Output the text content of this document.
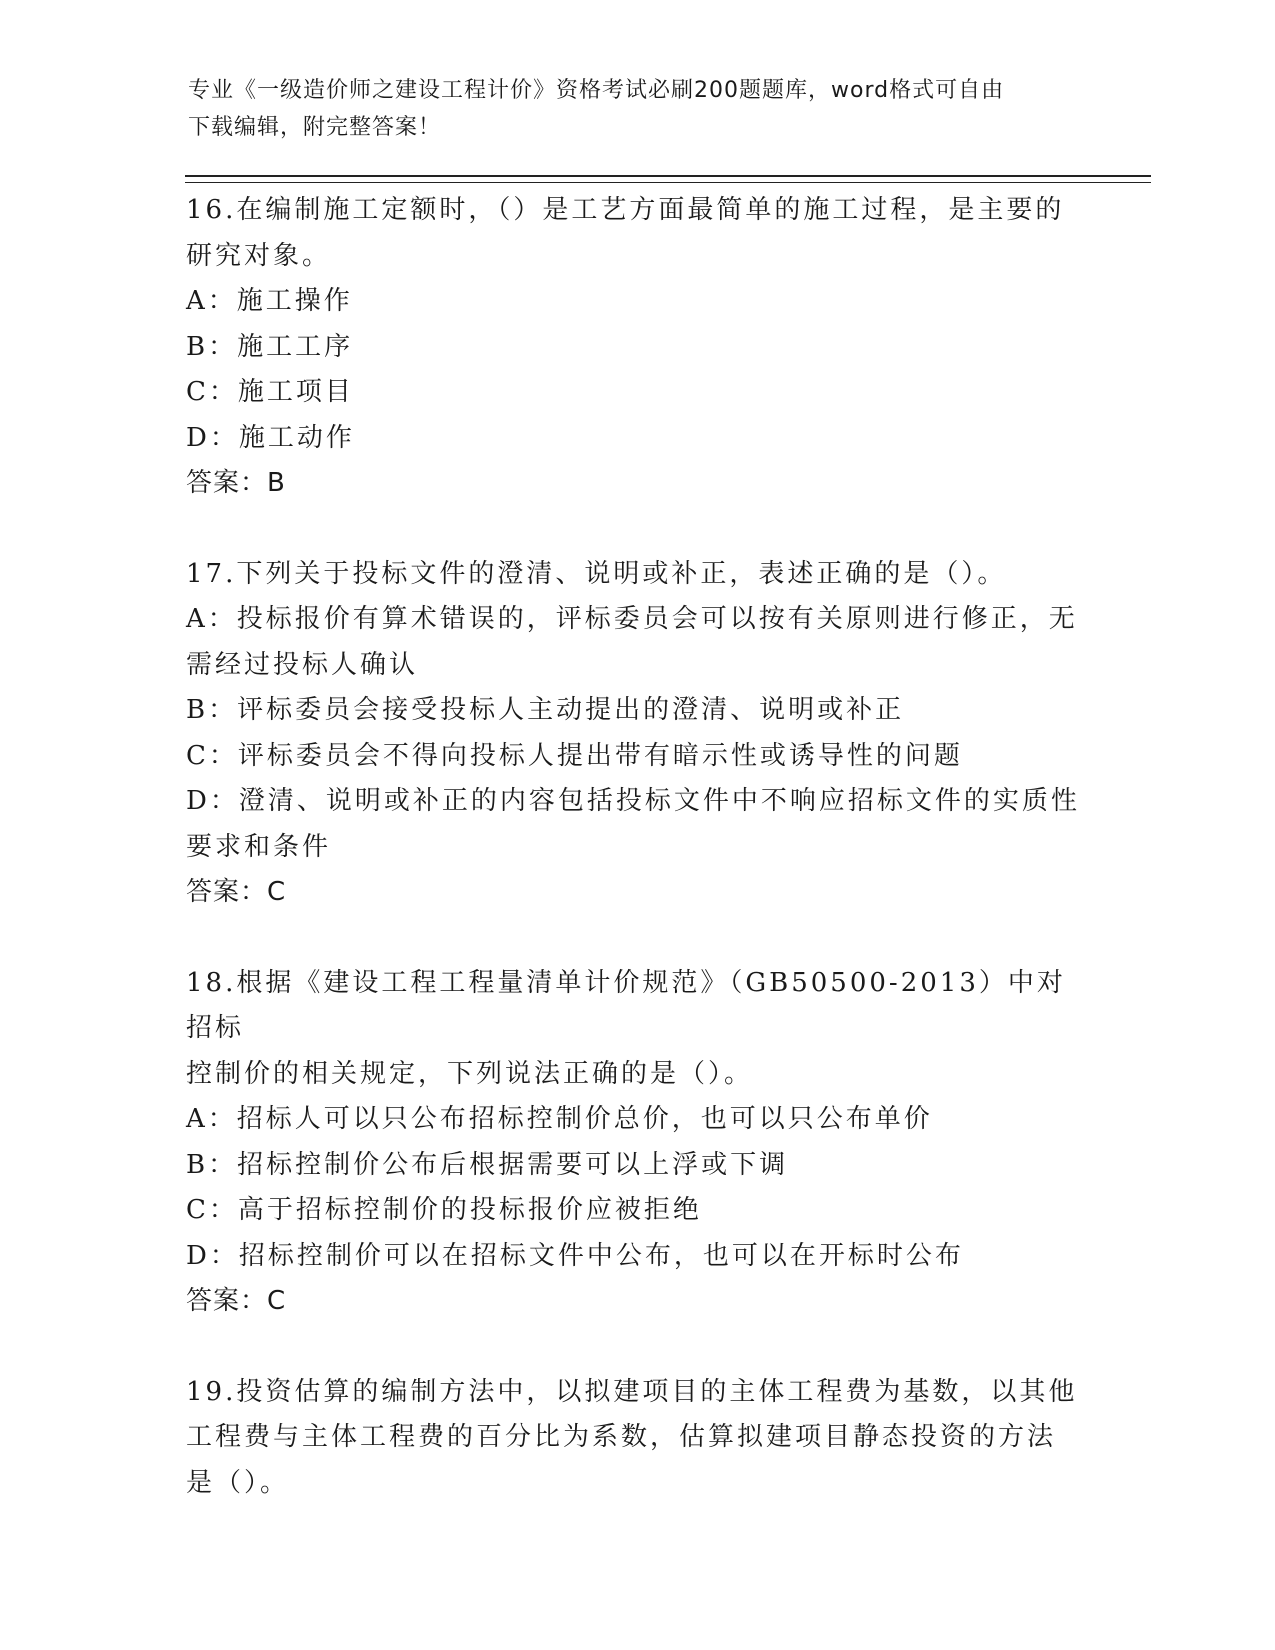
专业《一级造价师之建设工程计价》资格考试必刷200题题库，word格式可自由
下载编辑，附完整答案！
16.在编制施工定额时，（）是工艺方面最简单的施工过程，是主要的
研究对象。
A：施工操作
B：施工工序
C：施工项目
D：施工动作
答案：B
17.下列关于投标文件的澄清、说明或补正，表述正确的是（）。
A：投标报价有算术错误的，评标委员会可以按有关原则进行修正，无
需经过投标人确认
B：评标委员会接受投标人主动提出的澄清、说明或补正
C：评标委员会不得向投标人提出带有暗示性或诱导性的问题
D：澄清、说明或补正的内容包括投标文件中不响应招标文件的实质性
要求和条件
答案：C
18.根据《建设工程工程量清单计价规范》（GB50500-2013）中对招标
控制价的相关规定，下列说法正确的是（）。
A：招标人可以只公布招标控制价总价，也可以只公布单价
B：招标控制价公布后根据需要可以上浮或下调
C：高于招标控制价的投标报价应被拒绝
D：招标控制价可以在招标文件中公布，也可以在开标时公布
答案：C
19.投资估算的编制方法中，以拟建项目的主体工程费为基数，以其他
工程费与主体工程费的百分比为系数，估算拟建项目静态投资的方法
是（）。
